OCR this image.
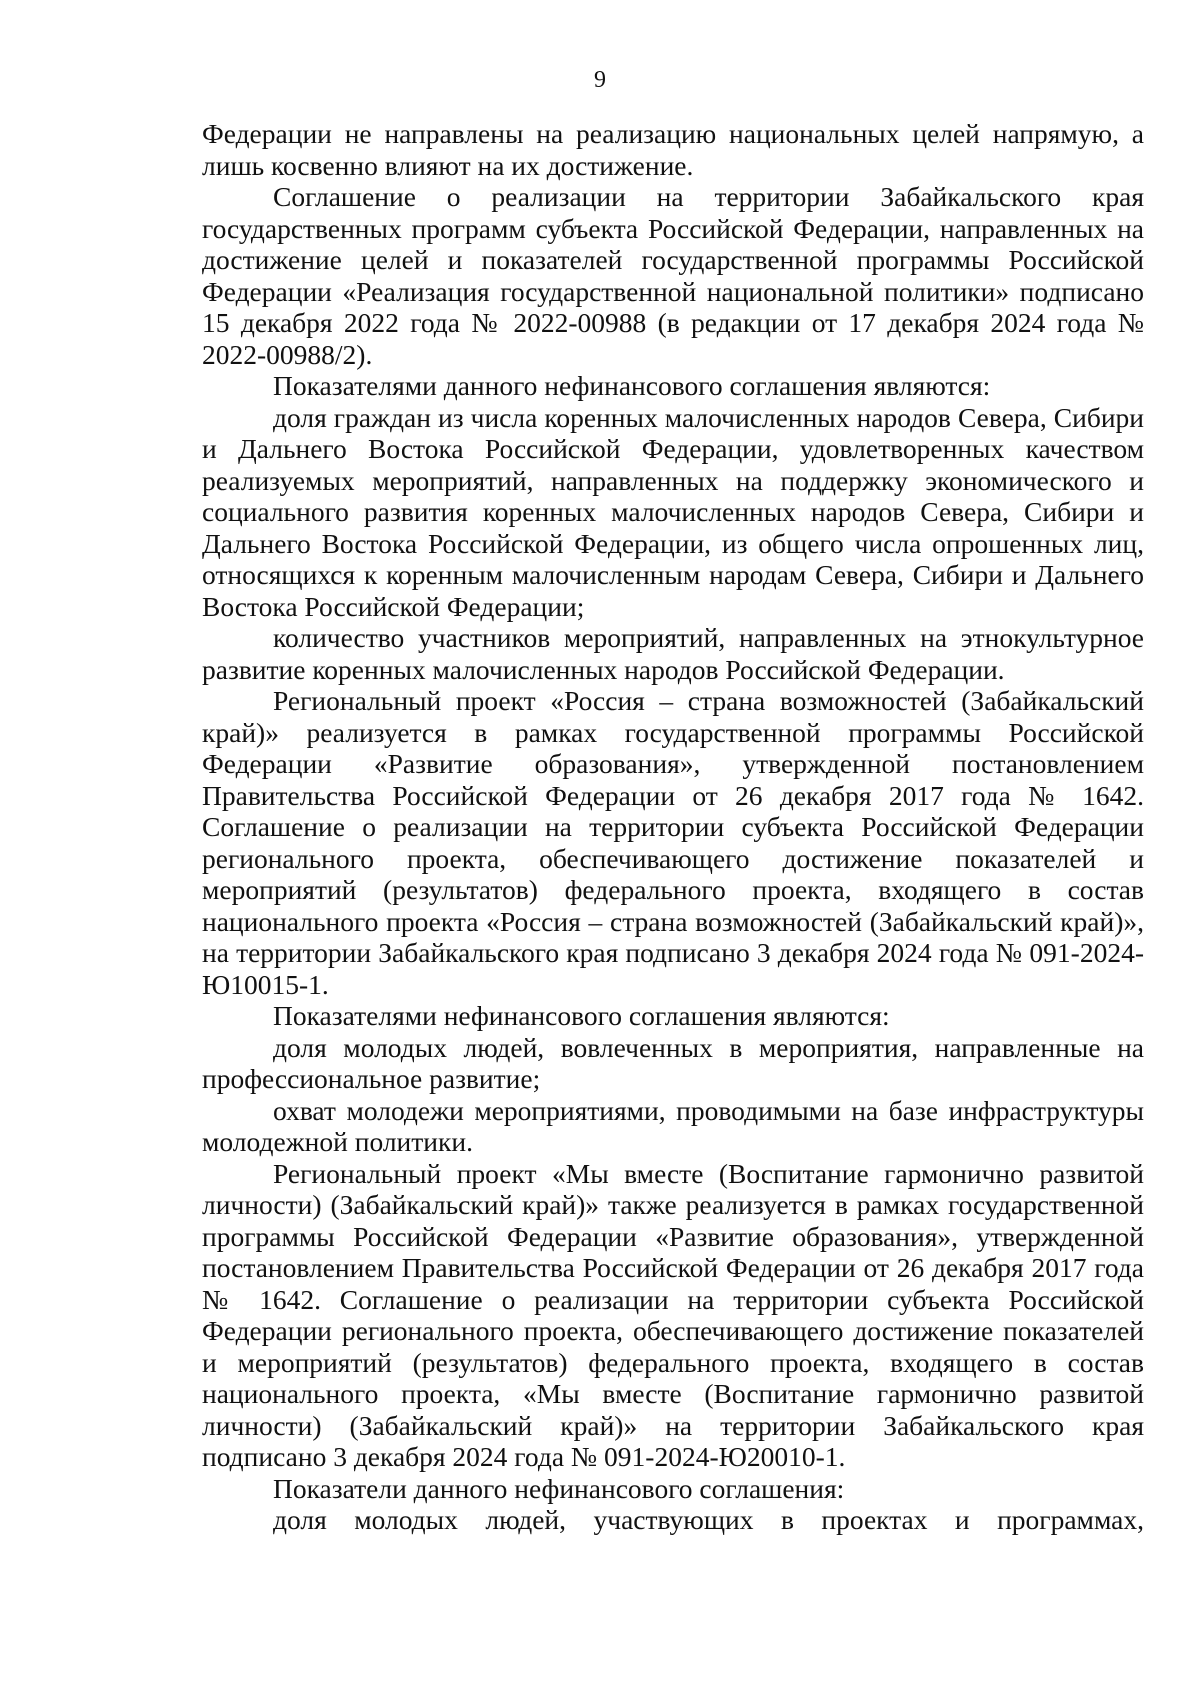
9

Федерации не направлены на реализацию национальных целей напрямую, а лишь косвенно влияют на их достижение.

Соглашение о реализации на территории Забайкальского края государственных программ субъекта Российской Федерации, направленных на достижение целей и показателей государственной программы Российской Федерации «Реализация государственной национальной политики» подписано 15 декабря 2022 года № 2022-00988 (в редакции от 17 декабря 2024 года № 2022-00988/2).

Показателями данного нефинансового соглашения являются:

доля граждан из числа коренных малочисленных народов Севера, Сибири и Дальнего Востока Российской Федерации, удовлетворенных качеством реализуемых мероприятий, направленных на поддержку экономического и социального развития коренных малочисленных народов Севера, Сибири и Дальнего Востока Российской Федерации, из общего числа опрошенных лиц, относящихся к коренным малочисленным народам Севера, Сибири и Дальнего Востока Российской Федерации;

количество участников мероприятий, направленных на этнокультурное развитие коренных малочисленных народов Российской Федерации.

Региональный проект «Россия – страна возможностей (Забайкальский край)» реализуется в рамках государственной программы Российской Федерации «Развитие образования», утвержденной постановлением Правительства Российской Федерации от 26 декабря 2017 года № 1642. Соглашение о реализации на территории субъекта Российской Федерации регионального проекта, обеспечивающего достижение показателей и мероприятий (результатов) федерального проекта, входящего в состав национального проекта «Россия – страна возможностей (Забайкальский край)», на территории Забайкальского края подписано 3 декабря 2024 года № 091-2024-Ю10015-1.

Показателями нефинансового соглашения являются:

доля молодых людей, вовлеченных в мероприятия, направленные на профессиональное развитие;

охват молодежи мероприятиями, проводимыми на базе инфраструктуры молодежной политики.

Региональный проект «Мы вместе (Воспитание гармонично развитой личности) (Забайкальский край)» также реализуется в рамках государственной программы Российской Федерации «Развитие образования», утвержденной постановлением Правительства Российской Федерации от 26 декабря 2017 года № 1642. Соглашение о реализации на территории субъекта Российской Федерации регионального проекта, обеспечивающего достижение показателей и мероприятий (результатов) федерального проекта, входящего в состав национального проекта, «Мы вместе (Воспитание гармонично развитой личности) (Забайкальский край)» на территории Забайкальского края подписано 3 декабря 2024 года № 091-2024-Ю20010-1.

Показатели данного нефинансового соглашения:

доля молодых людей, участвующих в проектах и программах,
